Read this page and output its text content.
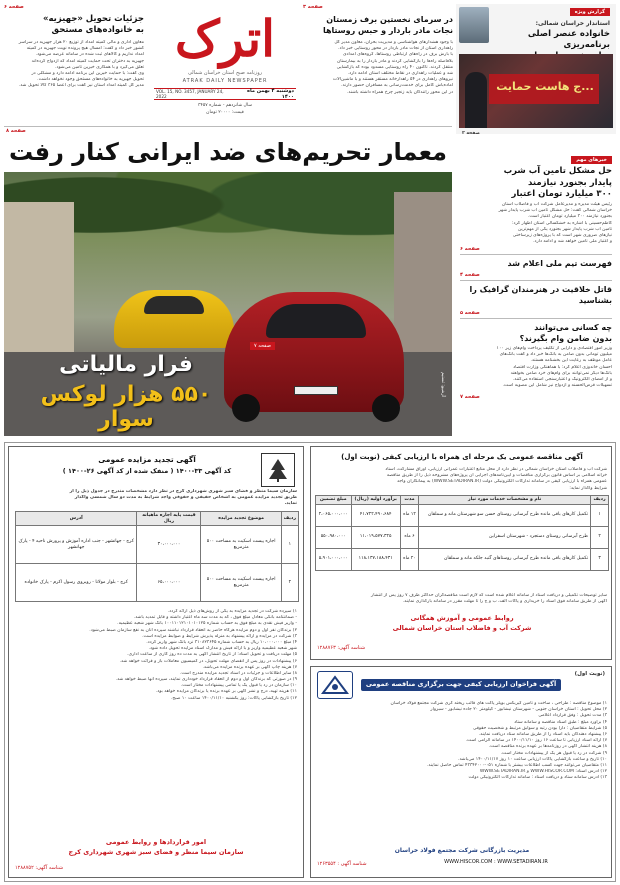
صفحه ۶
جزئیات تحویل «جهیزیه»
به خانواده‌های مستحق
معاون اداری و مالی کمیته امداد از توزیع ۲۰ هزار جهیزیه در سراسر
کشور خبر داد و گفت: امسال هیچ پرونده نوبت جهیزیه در کمیته
امداد نداریم و کالاهای ثبت شده در سامانه عرضه می‌شود.
جهیزیه به دختران تحت حمایت کمیته امداد که ازدواج کرده‌اند
تعلق می‌گیرد و با همکاری خیرین تامین می‌شود.
وی گفت: با حمایت خیرین این برنامه ادامه دارد و مشکلی در
تحویل جهیزیه به خانواده‌های مستحق وجود نخواهد داشت.
مدیر کل کمیته امداد استان نیز گفت برای اعضا ۳۶۵ کالا تحویل شد.
اترک
روزنامه صبح استان خراسان شمالی
ATRAK DAILY NEWSPAPER
دوشنبه ۴ بهمن ماه ۱۴۰۰
VOL. 15, NO. 3457, JANUARY 24, 2022
سال شانزدهم - شماره ۳۴۵۷
قیمت: ۲۰۰۰۰ تومان
صفحه ۳
در سرمای نخستین برف زمستان
نجات مادر باردار و حبس روستاها
با وجود هشدارهای هواشناسی و مدیریت بحران، معاون مدیر کل
راهداری استان از نجات مادر باردار در محور روستایی خبر داد.
با بارش برف در راه‌های ارتباطی روستاها، گروه‌های امدادی
بلافاصله راه‌ها را بازگشایی کردند و مادر باردار را به بیمارستان
منتقل کردند. تاکنون ۴۰ راه روستایی مسدود بوده که بازگشایی
شد و عملیات راهداری در نقاط مختلف استان ادامه دارد.
نیروهای راهداری در ۵۴ راهدارخانه مستقر هستند و با ماشین‌آلات
آماده‌باش کامل برای خدمت‌رسانی به مسافران حضور دارند.
در این محور رانندگان باید زنجیر چرخ همراه داشته باشند.
گزارش ویژه
استاندار خراسان شمالی:
خانواده عنصر اصلی برنامه‌ریزی
...ج هاست حمایت
صفحه ۲
صفحه ۸
معمار تحریم‌های ضد ایرانی کنار رفت
صفحه ۷
فرار مالیاتی
۵۵۰ هزار لوکس سوار
آرشیو: تسنیم
خبرهای مهم
حل مشکل تامین آب شرب
پایدار بجنورد نیازمند
۳۰۰ میلیارد تومان اعتبار
رئیس هیئت مدیره و مدیرعامل شرکت آب و فاضلاب استان
خراسان شمالی گفت: حل مشکل تامین آب شرب پایدار شهر
بجنورد نیازمند ۳۰۰ میلیارد تومان اعتبار است.
کاظم‌حسینی با اشاره به خشکسالی استان اظهار کرد:
تامین آب شرب پایدار شهر بجنورد یکی از مهم‌ترین
نیازهای ضروری شهر است که با پروژه‌های زیرساختی
و اعتبار ملی تامین خواهد شد و ادامه دارد.
صفحه ۶
فهرست تیم ملی اعلام شد
صفحه ۴
قاتل خلاقیت در هنرمندان گرافیک را بشناسید
صفحه ۵
چه کسانی می‌توانند
بدون ضامن وام بگیرند؟
وزیر امور اقتصادی و دارایی از تکلیف پرداخت وام‌های زیر ۱۰۰
میلیون تومانی بدون ضامن به بانک‌ها خبر داد و گفت بانک‌های
عامل موظف به رعایت این بخشنامه هستند.
احسان خاندوزی اعلام کرد: با هماهنگی وزارت اقتصاد
بانک‌ها دیگر نمی‌توانند برای وام‌های خرد ضامن بخواهند
و از امضای الکترونیک و اعتبارسنجی استفاده می‌کنند.
تسهیلات قرض‌الحسنه و ازدواج نیز شامل این مصوبه است.
صفحه ۷
آگهی تجدید مزایده عمومی
کد آگهی ۳۳-۱۴۰۰ ( منفک شده از کد آگهی ۲۶-۱۴۰۰ )
سازمان سیما منظر و فضای سبز شهری شهرداری کرج در نظر دارد مشخصات مندرج در جدول ذیل را از
طریق تجدید مزایده عمومی به اشخاص حقیقی و حقوقی واجد شرایط به مدت دو سال شمسی واگذار
نماید.
ردیف	موضوع تجدید مزایده	قیمت پایه اجاره ماهیانه ریال	آدرس
۱	اجاره پیست اسکیت به مساحت ۵۰۰ مترمربع	۳۰،۰۰۰،۰۰۰	کرج - جهانشهر - جنب اداره آموزش و پرورش ناحیه ۴ - پارک جهانشهر
۲	اجاره پیست اسکیت به مساحت ۵۰۰ مترمربع	۶۵،۰۰۰،۰۰۰	کرج - بلوار مولانا - روبروی رسول اکرم - پارک خانواده
۱) سپرده شرکت در تجدید مزایده به یکی از روش‌های ذیل ارائه گردد.
- ضمانتنامه بانکی معادل مبلغ فوق ، که به مدت سه ماه اعتبار داشته و قابل تمدید باشد.
- واریز فیش نقدی به مبلغ فوق به حساب شماره ۱۰۰۱۱۰۱۲۱۰۱۰۱۰۱۲۵ بانک شهر شعبه عظیمیه.
۲) برندگان نفر اول و دوم مزایده هرگاه حاضر به انعقاد قرارداد نباشند سپرده آنان به نفع سازمان ضبط می‌شود.
۳) شرکت در مزایده و ارائه پیشنهاد به منزله پذیرش شرایط و ضوابط مزایده است.
۴) مبلغ ۱۰،۰۰۰،۰۰۰ ریال به حساب شماره ۳۱۰۸۲۳۶۴۵ نزد بانک شهر واریز گردد.
شهر شعبه عظیمیه واریز و با ارائه فیش و مدارک اسناد مزایده تحویل داده شود.
۵) مهلت دریافت و تحویل اسناد: از تاریخ انتشار آگهی به مدت ده روز کاری از ساعت اداری.
۶) پیشنهادات در روز پس از انقضای مهلت تحویل، در کمیسیون معاملات باز و قرائت خواهد شد.
۷) هزینه چاپ آگهی بر عهده برنده مزایده می‌باشد.
۸) سایر اطلاعات و جزئیات در اسناد تجدید مزایده مندرج است.
۹) در صورتی که برندگان اول و دوم از انعقاد قرارداد خودداری نمایند، سپرده آنها ضبط خواهد شد.
۱۰) سازمان در رد یا قبول یک یا تمامی پیشنهادات مختار است.
۱۱) هزینه تهیه، درج و نشر آگهی بر عهده برنده یا برندگان مزایده خواهد بود.
۱۲) تاریخ بازگشایی پاکات: روز یکشنبه ۱۴۰۰/۱۱/۱۰ ساعت ۱۰ صبح.
امور قراردادها و روابط عمومی
سازمان سیما منظر و فضای سبز شهری شهرداری کرج
شناسه آگهی: ۱۲۸۸۷۵۲
آگهی مناقصه عمومی یک مرحله ای همراه با ارزیابی کیفی (نوبت اول)
شرکت آب و فاضلاب استان خراسان شمالی در نظر دارد از محل منابع اعتبارات عمرانی ارزیابی، اوراق مشارکت، اسناد
خزانه اسلامی بر اساس قانون برگزاری مناقصات و آیین‌نامه‌های اجرایی آن پروژه‌های مشروحه ذیل را از طریق مناقصه
عمومی همراه با ارزیابی کیفی در سامانه تدارکات الکترونیکی دولت (WWW.SETADIRAN.IR) به پیمانکاران واجد
شرایط واگذار نماید:
ردیف	نام و مشخصات خدمات مورد نیاز	مدت	برآورد اولیه (ریال)	مبلغ تضمین
۱	تکمیل کارهای باقی مانده طرح آبرسانی روستای حسن سو شهرستان مانه و سملقان	۱۲ ماه	۴۱،۷۲۲،۴۹۰،۶۸۴	۲،۰۶۵،۰۰۰،۰۰۰
۲	طرح آبرسانی روستای دستجرد - شهرستان اسفراین	۶ ماه	۱۱،۰۱۹،۵۷۷،۳۲۵	۵۵۰،۹۸۰،۰۰۰
۳	تکمیل کارهای باقی مانده طرح آبرسانی روستاهای گنبد جلکه مانه و سملقان	۲۰ ماه	۱۱۸،۱۳۷،۱۸۸،۴۳۱	۵،۹۰۱،۰۰۰،۰۰۰
سایر توضیحات تکمیلی و دریافت اسناد از سامانه اعلام شده است که لازم است مناقصه‌گران حداکثر ظرف ۷ روز پس از انتشار
آگهی از طریق سامانه فوق اسناد را خریداری و پاکات الف، ب و ج را تا مهلت مقرر در سامانه بارگذاری نمایند.
روابط عمومی و آموزش همگانی
شرکت آب و فاضلاب استان خراسان شمالی
شناسه آگهی: ۱۲۸۸۷۶۳
(نوبت اول)
آگهی فراخوان ارزیابی کیفی جهت برگزاری مناقصه عمومی
۱) موضوع مناقصه : طراحی ، ساخت و تامین گیربکس بویلر پاکت های قالب ریخته گری شرکت مجتمع فولاد خراسان
۲) محل تحویل : استان خراسان جنوبی - شهرستان نیشابور - کیلومتر ۲۰ جاده نیشابور - سبزوار
۳) مدت تحویل : وفق قرارداد اعلامی
۴) برآورد مبلغ : طبق اسناد مناقصه و سامانه ستاد
۵) شرایط متقاضیان : دارا بودن رتبه و سوابق مرتبط و شخصیت حقوقی
۶) پیشنهاد دهندگان باید اسناد را از طریق سامانه ستاد دریافت نمایند.
۷) ارائه اسناد ارزیابی تا ساعت ۱۶ روز ۱۴۰۰/۱۱/۱۰ در سامانه الزامی است.
۸) هزینه انتشار آگهی در روزنامه‌ها بر عهده برنده مناقصه است.
۹) شرکت در رد یا قبول هر یک از پیشنهادات مختار است.
۱۰) تاریخ و ساعت بازگشایی پاکات ارزیابی ساعت ۱۰ روز ۱۴۰۰/۱۱/۱۷ می‌باشد.
۱۱) متقاضیان می‌توانند جهت کسب اطلاعات بیشتر با شماره ۰۵۱-۴۳۳۴۲۰۰۰ تماس حاصل نمایند.
۱۲) آدرس اسناد: WWW.HISCOR.COM و WWW.SETADIRAN.IR
۱۳) آدرس سامانه ستاد و دریافت اسناد : سامانه تدارکات الکترونیکی دولت
مدیریت بازرگانی شرکت مجتمع فولاد خراسان
WWW.HISCOR.COM : WWW.SETADIRAN.IR
شناسه آگهی : ۱۲۶۳۵۵۴
